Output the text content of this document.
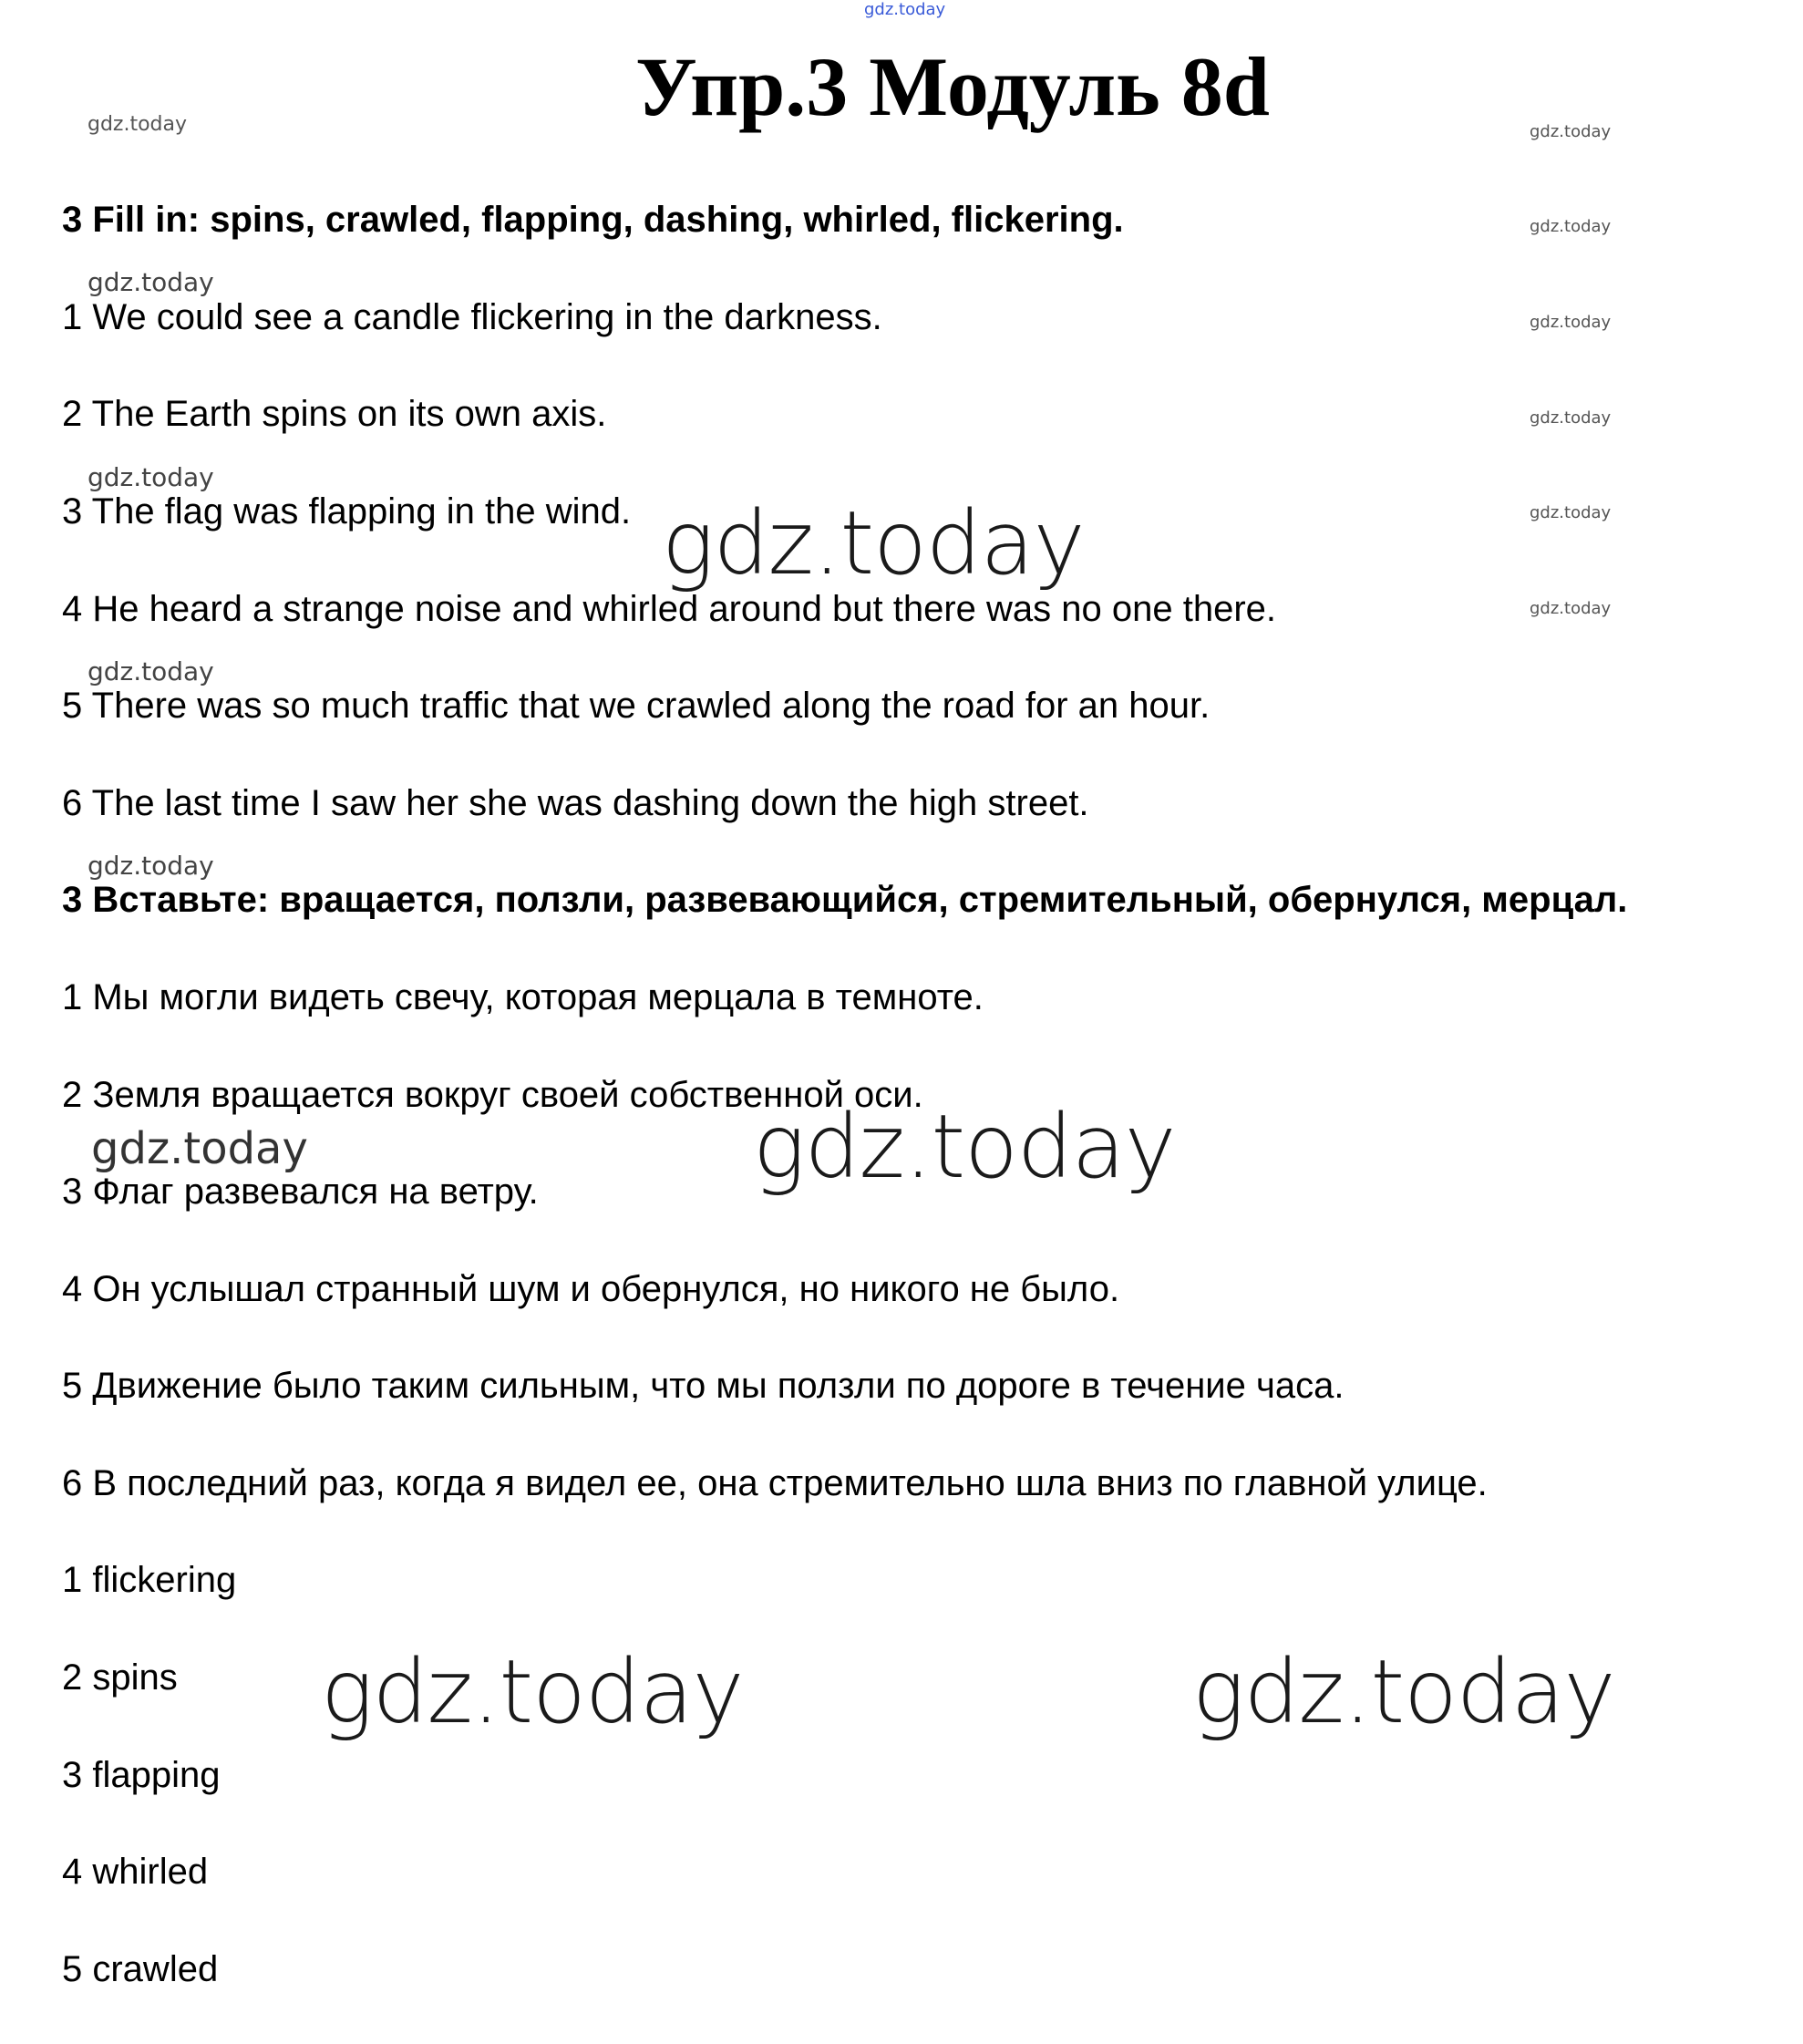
gdz.today
gdz.today	gdz.today
gdz.today
gdz.today
gdz.today
gdz.today
gdz.today
gdz.today
gdz.today
gdz.today
gdz.today
gdz.today
gdz.today
gdz.today
gdz.today	gdz.today
Упр.3 Модуль 8d

3 Fill in: spins, crawled, flapping, dashing, whirled, flickering.

1 We could see a candle flickering in the darkness.

2 The Earth spins on its own axis.

3 The flag was flapping in the wind.

4 He heard a strange noise and whirled around but there was no one there.

5 There was so much traffic that we crawled along the road for an hour.

6 The last time I saw her she was dashing down the high street.

3 Вставьте: вращается, ползли, развевающийся, стремительный, обернулся, мерцал.

1 Мы могли видеть свечу, которая мерцала в темноте.

2 Земля вращается вокруг своей собственной оси.

3 Флаг развевался на ветру.

4 Он услышал странный шум и обернулся, но никого не было.

5 Движение было таким сильным, что мы ползли по дороге в течение часа.

6 В последний раз, когда я видел ее, она стремительно шла вниз по главной улице.

1 flickering

2 spins

3 flapping

4 whirled

5 crawled
